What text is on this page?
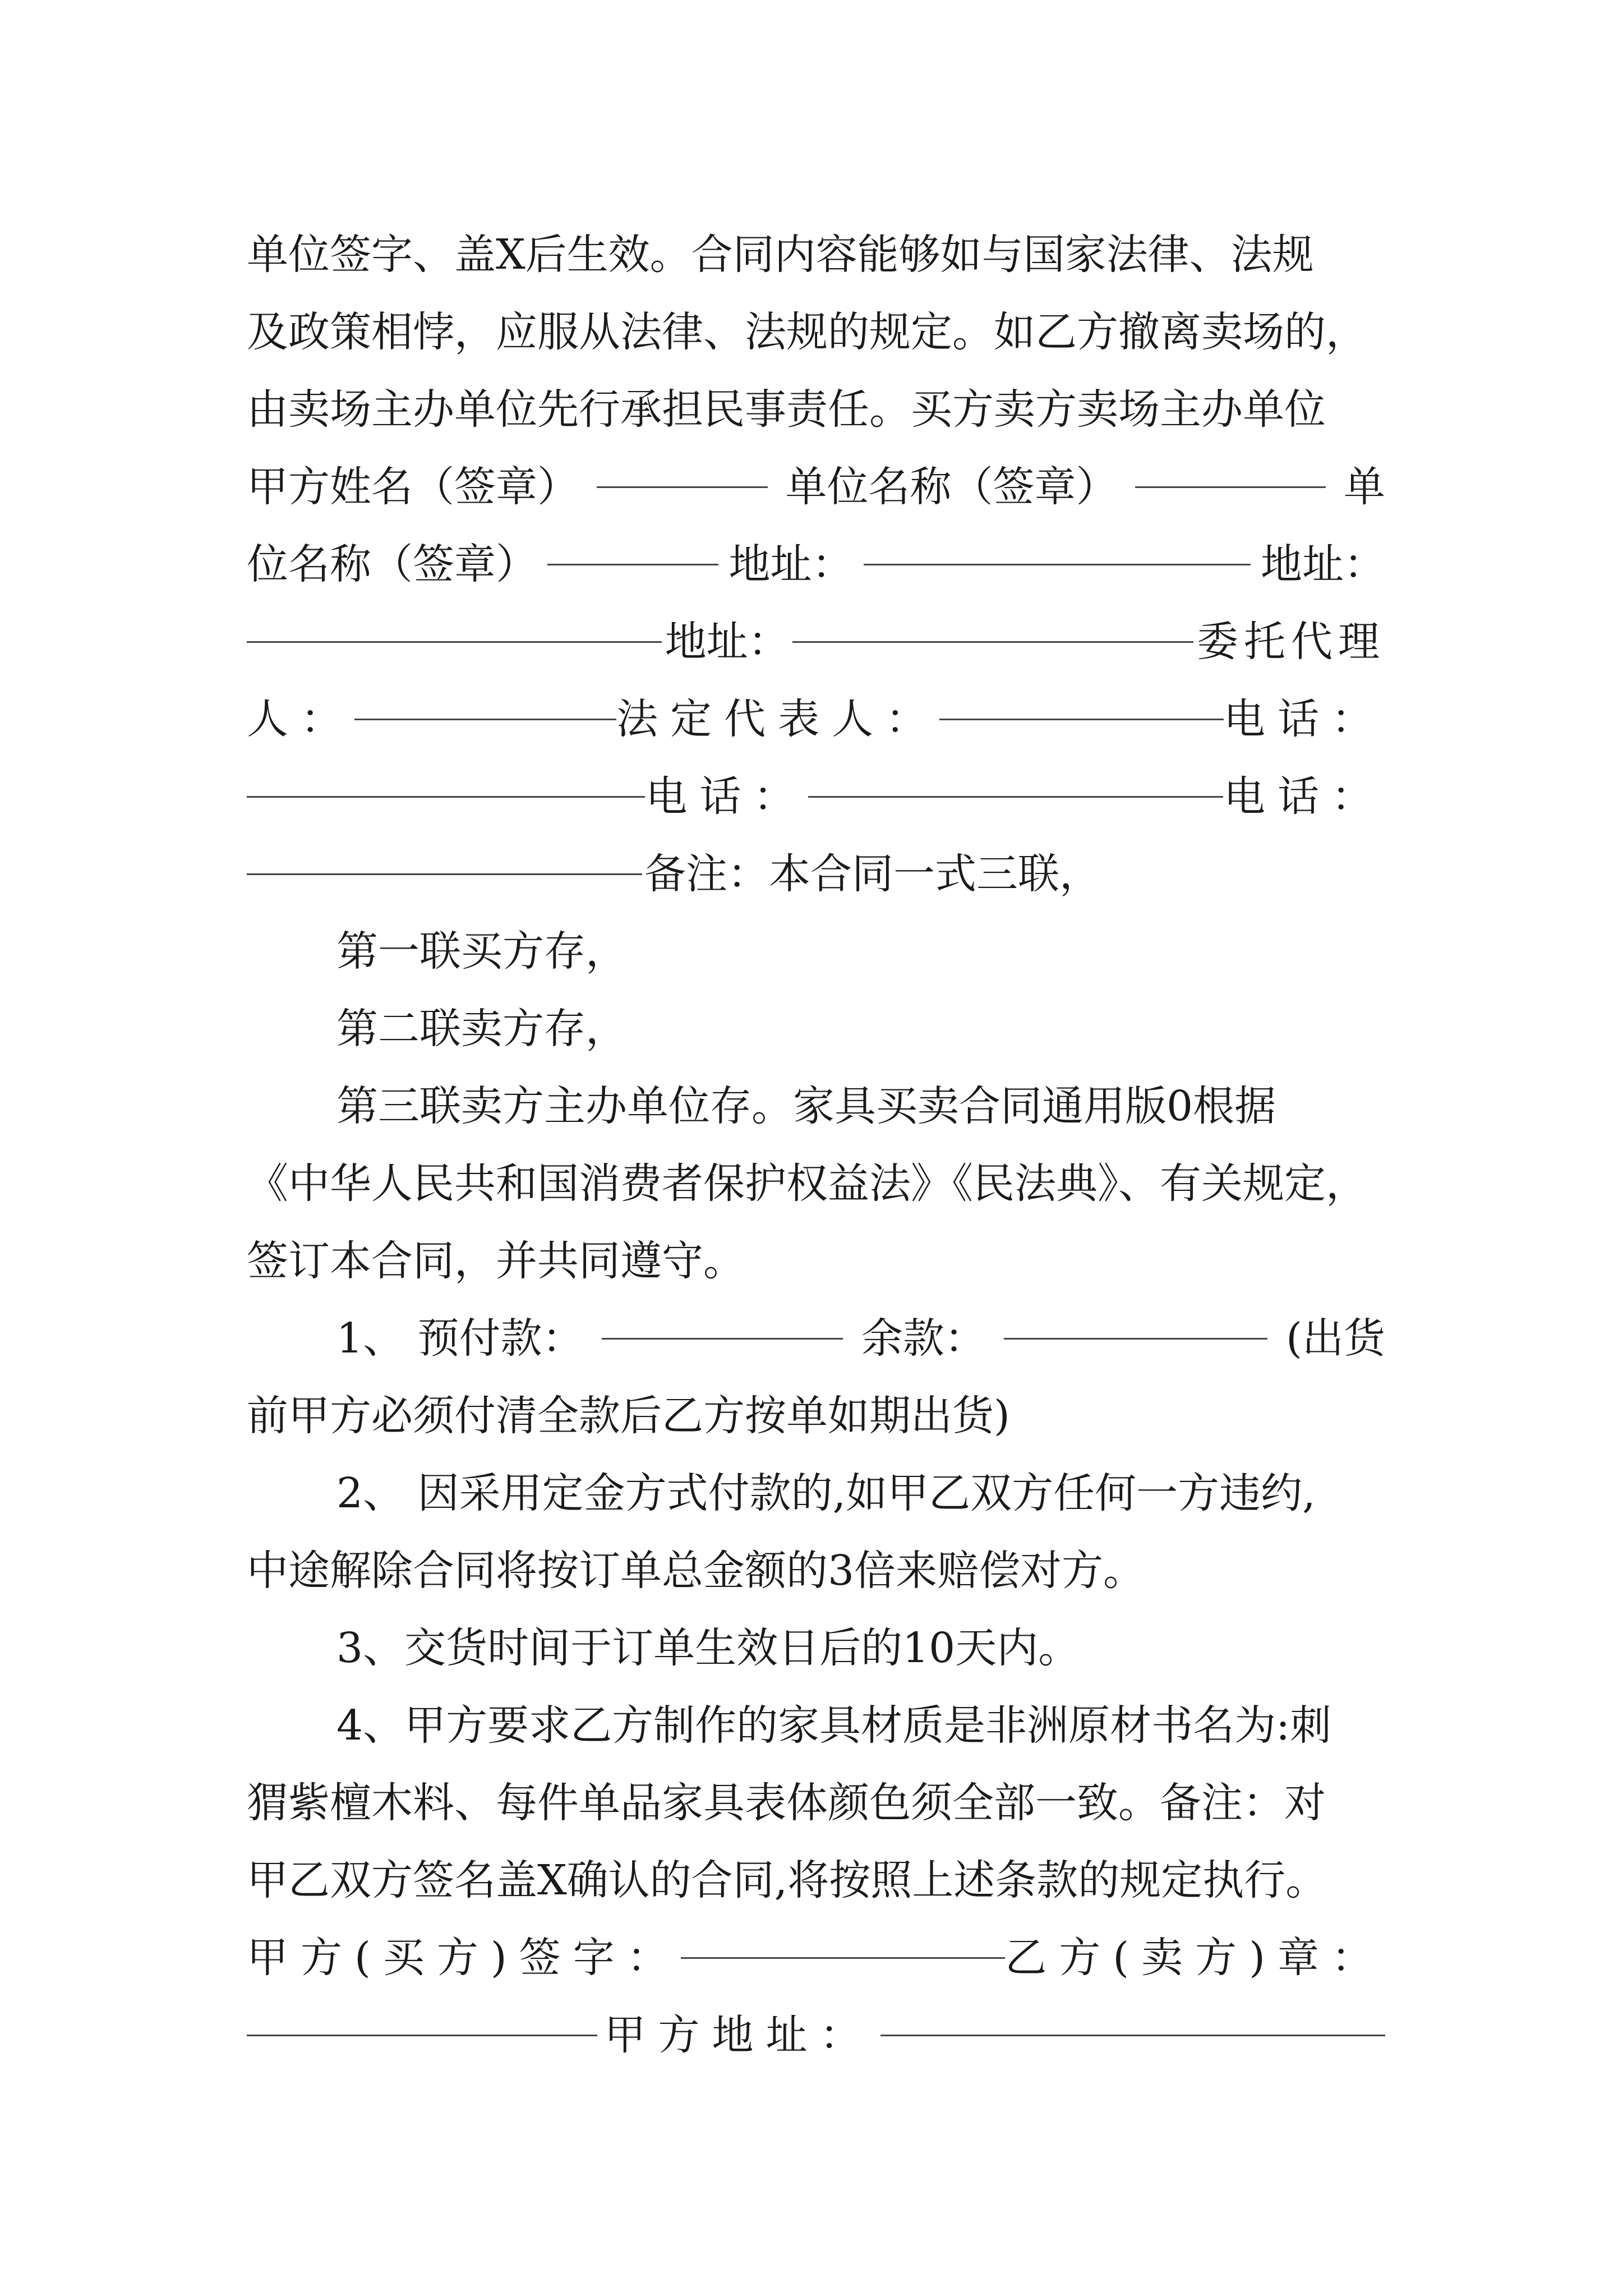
单位签字、盖X后生效。合同内容能够如与国家法律、法规
及政策相悖，应服从法律、法规的规定。如乙方撤离卖场的，
由卖场主办单位先行承担民事责任。买方卖方卖场主办单位
甲方姓名（签章）	单位名称（签章）	单
位名称（签章）	地址：	地址：
地址：	委托代理
人：	法定代表人：	电话：
电话：	电话：
备注：本合同一式三联，
第一联买方存，
第二联卖方存，
第三联卖方主办单位存。家具买卖合同通用版0根据
《中华人民共和国消费者保护权益法》《民法典》、有关规定，
签订本合同，并共同遵守。
1、 预付款：	余款：	(出货
前甲方必须付清全款后乙方按单如期出货)
2、 因采用定金方式付款的,如甲乙双方任何一方违约,
中途解除合同将按订单总金额的3倍来赔偿对方。
3、交货时间于订单生效日后的10天内。
4、甲方要求乙方制作的家具材质是非洲原材书名为:刺
猬紫檀木料、每件单品家具表体颜色须全部一致。备注：对
甲乙双方签名盖X确认的合同,将按照上述条款的规定执行。
甲方(买方)签字：	乙方(卖方)章：
甲方地址：
